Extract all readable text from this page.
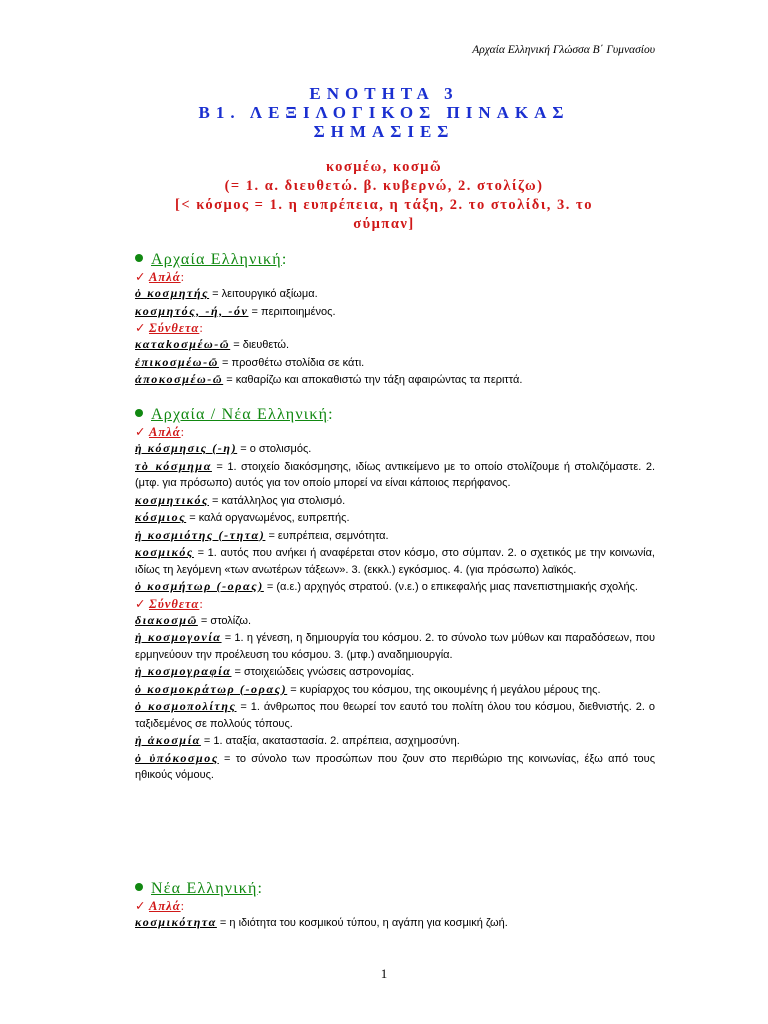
Αρχαία Ελληνική Γλώσσα Β΄ Γυμνασίου
ΕΝΟΤΗΤΑ 3
Β1. ΛΕΞΙΛΟΓΙΚΟΣ ΠΙΝΑΚΑΣ
ΣΗΜΑΣΙΕΣ
κοσμέω, κοσμῶ
(= 1. α. διευθετώ. β. κυβερνώ, 2. στολίζω)
[< κόσμος = 1. η ευπρέπεια, η τάξη, 2. το στολίδι, 3. το
σύμπαν]
Αρχαία Ελληνική:
✓ Απλά:
ὁ κοσμητής = λειτουργικό αξίωμα.
κοσμητός, -ή, -όν = περιποιημένος.
✓ Σύνθετα:
καταkοσμέω-ῶ = διευθετώ.
ἐπικοσμέω-ῶ = προσθέτω στολίδια σε κάτι.
ἀποκοσμέω-ῶ = καθαρίζω και αποκαθιστώ την τάξη αφαιρώντας τα περιττά.
Αρχαία / Νέα Ελληνική:
✓ Απλά:
ἡ κόσμησις (-η) = ο στολισμός.
τὸ κόσμημα = 1. στοιχείο διακόσμησης, ιδίως αντικείμενο με το οποίο στολίζουμε ή στολιζόμαστε. 2. (μτφ. για πρόσωπο) αυτός για τον οποίο μπορεί να είναι κάποιος περήφανος.
κοσμητικός = κατάλληλος για στολισμό.
κόσμιος = καλά οργανωμένος, ευπρεπής.
ἡ κοσμιότης (-τητα) = ευπρέπεια, σεμνότητα.
κοσμικός = 1. αυτός που ανήκει ή αναφέρεται στον κόσμο, στο σύμπαν. 2. ο σχετικός με την κοινωνία, ιδίως τη λεγόμενη «των ανωτέρων τάξεων». 3. (εκκλ.) εγκόσμιος. 4. (για πρόσωπο) λαϊκός.
ὁ κοσμήτωρ (-ορας) = (α.ε.) αρχηγός στρατού. (ν.ε.) ο επικεφαλής μιας πανεπιστημιακής σχολής.
✓ Σύνθετα:
διακοσμῶ = στολίζω.
ἡ κοσμογονία = 1. η γένεση, η δημιουργία του κόσμου. 2. το σύνολο των μύθων και παραδόσεων, που ερμηνεύουν την προέλευση του κόσμου. 3. (μτφ.) αναδημιουργία.
ἡ κοσμογραφία = στοιχειώδεις γνώσεις αστρονομίας.
ὁ κοσμοκράτωρ (-ορας) = κυρίαρχος του κόσμου, της οικουμένης ή μεγάλου μέρους της.
ὁ κοσμοπολίτης = 1. άνθρωπος που θεωρεί τον εαυτό του πολίτη όλου του κόσμου, διεθνιστής. 2. ο ταξιδεμένος σε πολλούς τόπους.
ἡ ἀκοσμία = 1. αταξία, ακαταστασία. 2. απρέπεια, ασχημοσύνη.
ὁ ὑπόκοσμος = το σύνολο των προσώπων που ζουν στο περιθώριο της κοινωνίας, έξω από τους ηθικούς νόμους.
Νέα Ελληνική:
✓ Απλά:
κοσμικότητα = η ιδιότητα του κοσμικού τύπου, η αγάπη για κοσμική ζωή.
1
